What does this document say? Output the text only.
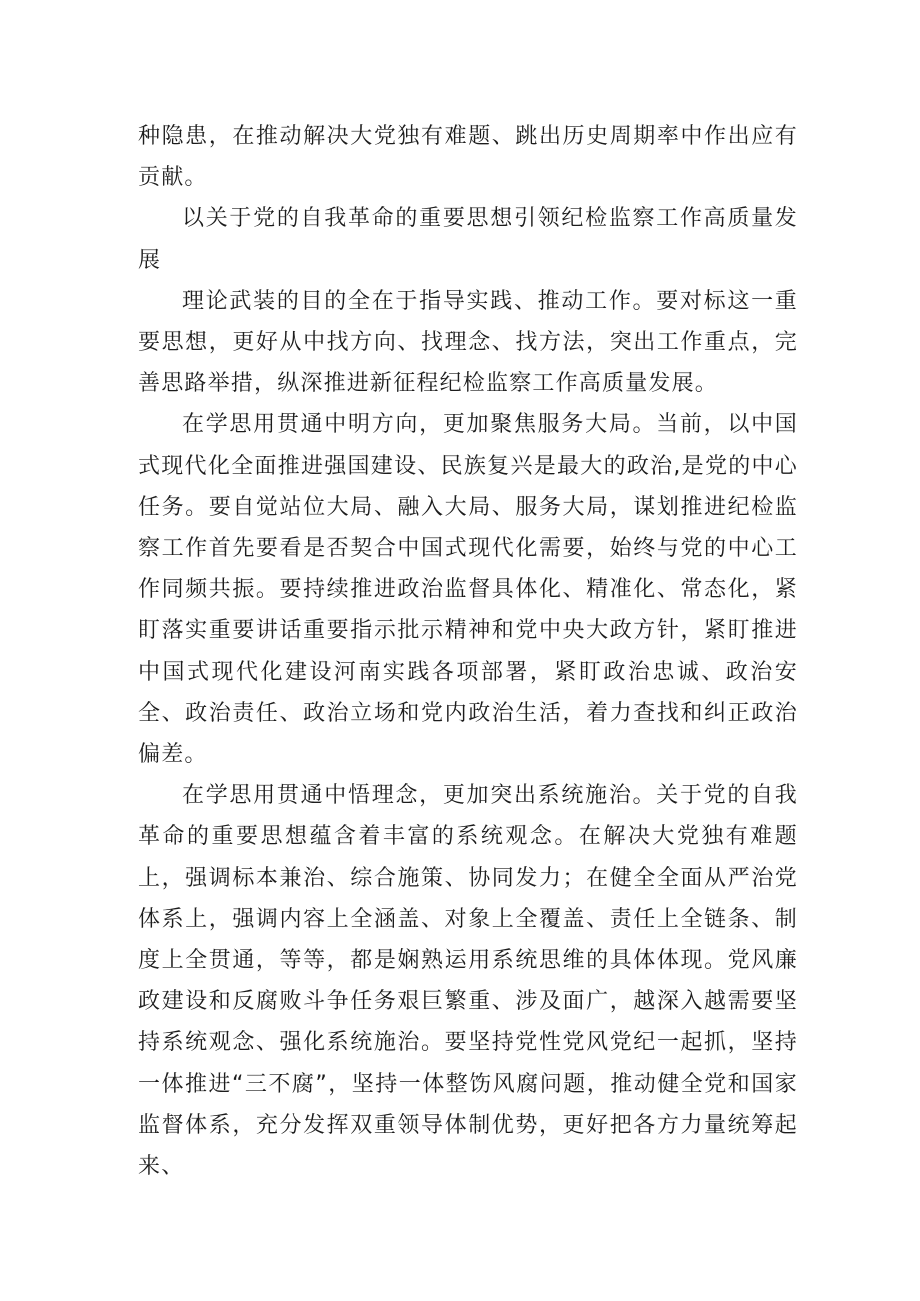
种隐患，在推动解决大党独有难题、跳出历史周期率中作出应有贡献。

以关于党的自我革命的重要思想引领纪检监察工作高质量发展

理论武装的目的全在于指导实践、推动工作。要对标这一重要思想，更好从中找方向、找理念、找方法，突出工作重点，完善思路举措，纵深推进新征程纪检监察工作高质量发展。

在学思用贯通中明方向，更加聚焦服务大局。当前，以中国式现代化全面推进强国建设、民族复兴是最大的政治,是党的中心任务。要自觉站位大局、融入大局、服务大局，谋划推进纪检监察工作首先要看是否契合中国式现代化需要，始终与党的中心工作同频共振。要持续推进政治监督具体化、精准化、常态化，紧盯落实重要讲话重要指示批示精神和党中央大政方针，紧盯推进中国式现代化建设河南实践各项部署，紧盯政治忠诚、政治安全、政治责任、政治立场和党内政治生活，着力查找和纠正政治偏差。

在学思用贯通中悟理念，更加突出系统施治。关于党的自我革命的重要思想蕴含着丰富的系统观念。在解决大党独有难题上，强调标本兼治、综合施策、协同发力；在健全全面从严治党体系上，强调内容上全涵盖、对象上全覆盖、责任上全链条、制度上全贯通，等等，都是娴熟运用系统思维的具体体现。党风廉政建设和反腐败斗争任务艰巨繁重、涉及面广，越深入越需要坚持系统观念、强化系统施治。要坚持党性党风党纪一起抓，坚持一体推进“三不腐”，坚持一体整饬风腐问题，推动健全党和国家监督体系，充分发挥双重领导体制优势，更好把各方力量统筹起来、
